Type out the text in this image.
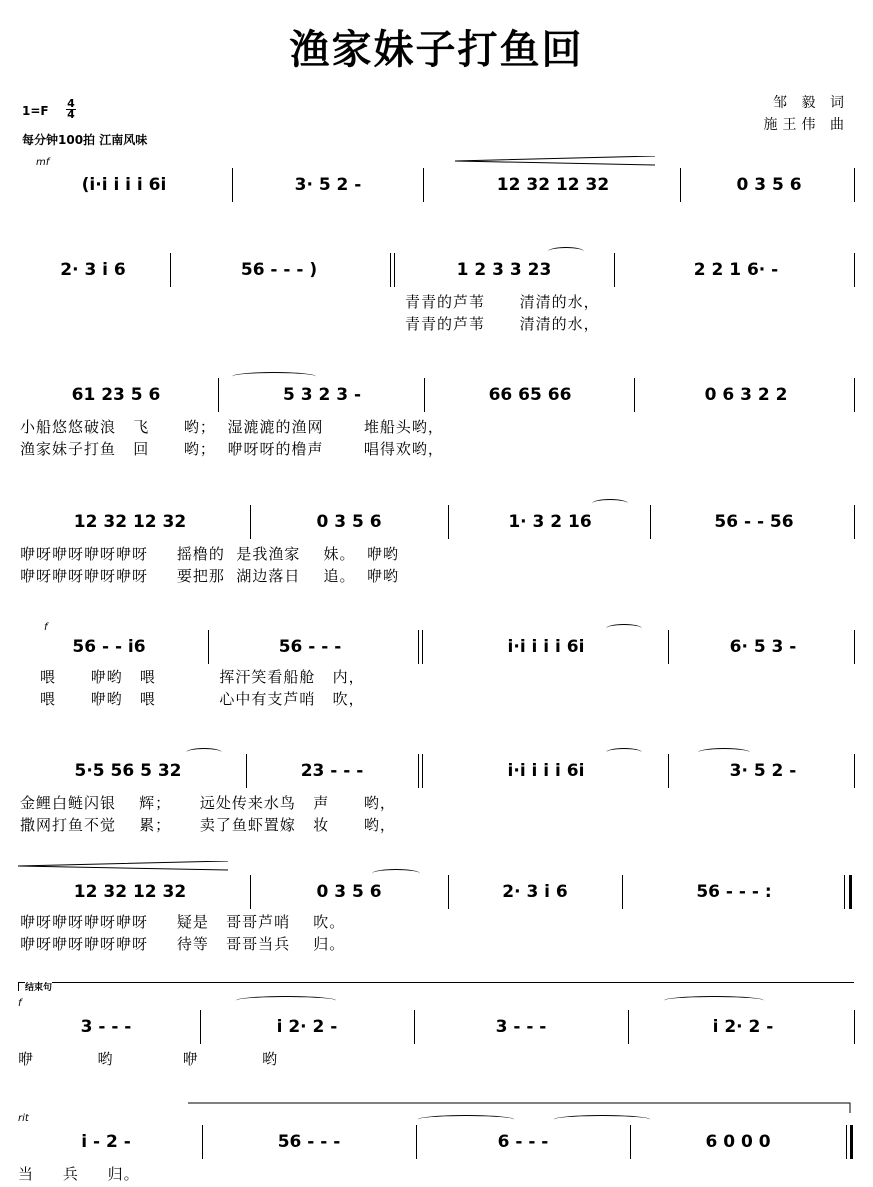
渔家妹子打鱼回
1=F
4
4
每分钟100拍 江南风味
邹 毅 词
施王伟 曲
mf
(i·i i i i 6i	3· 5 2 -	12 32 12 32	0 3 5 6
2· 3 i 6	56 - - - )	1 2 3 3 23	2 2 1 6· -
青青的芦苇      清清的水，
青青的芦苇      清清的水，
61 23 5 6	5 3 2 3 -	66 65 66	0 6 3 2 2
小船悠悠破浪   飞      哟；  湿漉漉的渔网       堆船头哟，
渔家妹子打鱼   回      哟；  咿呀呀的橹声       唱得欢哟，
12 32 12 32	0 3 5 6	1· 3 2 16	56 - - 56
咿呀咿呀咿呀咿呀     摇橹的  是我渔家    妹。  咿哟
咿呀咿呀咿呀咿呀     要把那  湖边落日    追。  咿哟
f
56 - - i6	56 - - -	i·i i i i 6i	6· 5 3 -
喂      咿哟   喂           挥汗笑看船舱   内，
喂      咿哟   喂           心中有支芦哨   吹，
5·5 56 5 32	23 - - -	i·i i i i 6i	3· 5 2 -
金鲤白鲢闪银    辉；     远处传来水鸟   声      哟，
撒网打鱼不觉    累；     卖了鱼虾置嫁   妆      哟，
12 32 12 32	0 3 5 6	2· 3 i 6	56 - - - :
咿呀咿呀咿呀咿呀     疑是   哥哥芦哨    吹。
咿呀咿呀咿呀咿呀     待等   哥哥当兵    归。
结束句
f
3 - - -	i 2· 2 -	3 - - -	i 2· 2 -
咿           哟            咿           哟
rit
i - 2 -	56 - - -	6 - - -	6 0 0 0
当     兵     归。
